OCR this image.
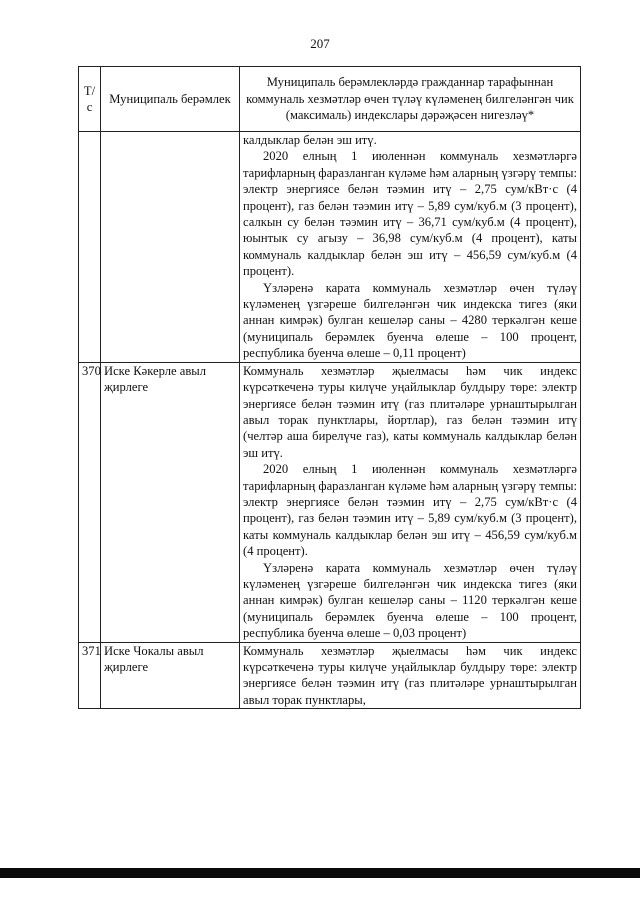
207
Т/с	Муниципаль берәмлек	Муниципаль берәмлекләрдә гражданнар тарафыннан коммуналь хезмәтләр өчен түләү күләменең билгеләнгән чик (максималь) индекслары дәрәҗәсен нигезләү*

		калдыклар белән эш итү.

2020 елның 1 июленнән коммуналь хезмәтләргә тарифларның фаразланган күләме һәм аларның үзгәрү темпы: электр энергиясе белән тәэмин итү – 2,75 сум/кВт·с (4 процент), газ белән тәэмин итү – 5,89 сум/куб.м (3 процент), салкын су белән тәэмин итү – 36,71 сум/куб.м (4 процент), юынтык су агызу – 36,98 сум/куб.м (4 процент), каты коммуналь калдыклар белән эш итү – 456,59 сум/куб.м (4 процент).

Үзләренә карата коммуналь хезмәтләр өчен түләү күләменең үзгәреше билгеләнгән чик индекска тигез (яки аннан кимрәк) булган кешеләр саны – 4280 теркәлгән кеше (муниципаль берәмлек буенча өлеше – 100 процент, республика буенча өлеше – 0,11 процент)

370	Иске Кәкерле авыл җирлеге	Коммуналь хезмәтләр җыелмасы һәм чик индекс күрсәткеченә туры килүче уңайлыклар булдыру төре: электр энергиясе белән тәэмин итү (газ плитәләре урнаштырылган авыл торак пунктлары, йортлар), газ белән тәэмин итү (челтәр аша бирелүче газ), каты коммуналь калдыклар белән эш итү.

2020 елның 1 июленнән коммуналь хезмәтләргә тарифларның фаразланган күләме һәм аларның үзгәрү темпы: электр энергиясе белән тәэмин итү – 2,75 сум/кВт·с (4 процент), газ белән тәэмин итү – 5,89 сум/куб.м (3 процент), каты коммуналь калдыклар белән эш итү – 456,59 сум/куб.м (4 процент).

Үзләренә карата коммуналь хезмәтләр өчен түләү күләменең үзгәреше билгеләнгән чик индекска тигез (яки аннан кимрәк) булган кешеләр саны – 1120 теркәлгән кеше (муниципаль берәмлек буенча өлеше – 100 процент, республика буенча өлеше – 0,03 процент)

371	Иске Чокалы авыл җирлеге	Коммуналь хезмәтләр җыелмасы һәм чик индекс күрсәткеченә туры килүче уңайлыклар булдыру төре: электр энергиясе белән тәэмин итү (газ плитәләре урнаштырылган авыл торак пунктлары,
